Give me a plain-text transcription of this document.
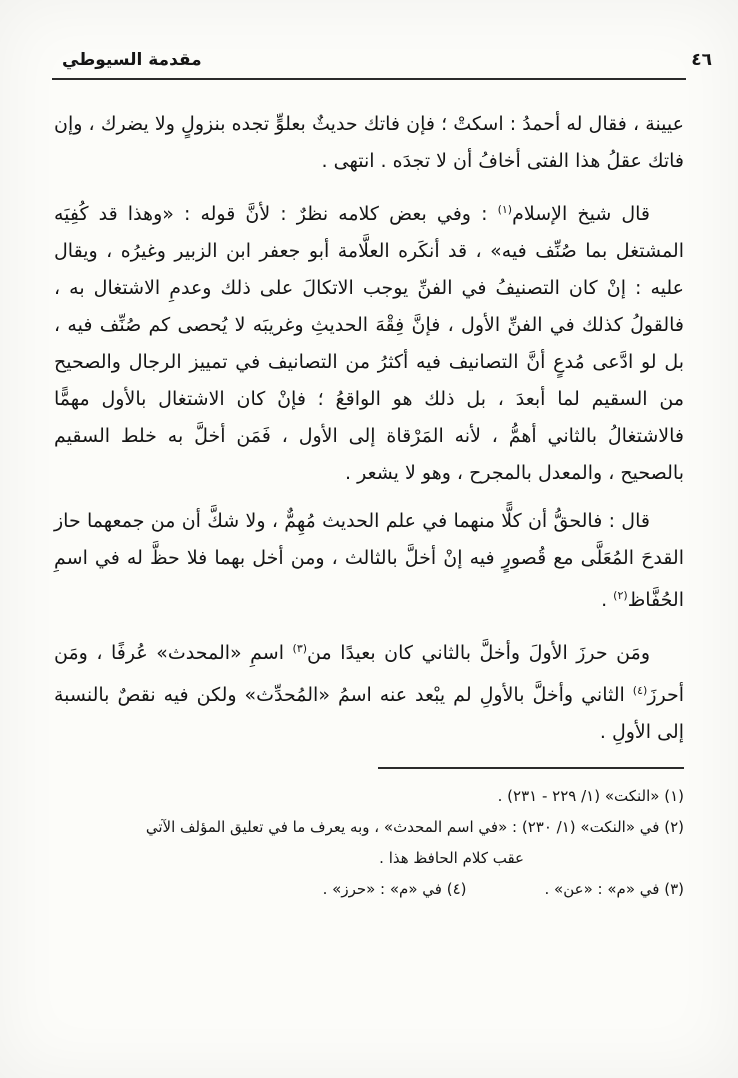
٤٦
مقدمة السيوطي

عيينة ، فقال له أحمدُ : اسكتْ ؛ فإن فاتك حديثٌ بعلوٍّ تجده بنزولٍ ولا يضرك ، وإن فاتك عقلُ هذا الفتى أخافُ أن لا تجدَه . انتهى .

قال شيخ الإسلام$^{(١)}$ : وفي بعض كلامه نظرٌ : لأنَّ قوله : «وهذا قد كُفِيَه المشتغل بما صُنِّف فيه» ، قد أنكَره العلَّامة أبو جعفر ابن الزبير وغيرُه ، ويقال عليه : إنْ كان التصنيفُ في الفنِّ يوجب الاتكالَ على ذلك وعدمِ الاشتغال به ، فالقولُ كذلك في الفنِّ الأول ، فإنَّ فِقْهَ الحديثِ وغريبَه لا يُحصى كم صُنِّف فيه ، بل لو ادَّعى مُدعٍ أنَّ التصانيف فيه أكثرُ من التصانيف في تمييز الرجال والصحيح من السقيم لما أبعدَ ، بل ذلك هو الواقعُ ؛ فإنْ كان الاشتغال بالأول مهمًّا فالاشتغالُ بالثاني أهمُّ ، لأنه المَرْقاة إلى الأول ، فَمَن أخلَّ به خلط السقيم بالصحيح ، والمعدل بالمجرح ، وهو لا يشعر .

قال : فالحقُّ أن كلًّا منهما في علم الحديث مُهِمٌّ ، ولا شكَّ أن من جمعهما حاز القدحَ المُعَلَّى مع قُصورٍ فيه إنْ أخلَّ بالثالث ، ومن أخل بهما فلا حظَّ له في اسمِ الحُفَّاظ$^{(٢)}$ .

ومَن حرزَ الأولَ وأخلَّ بالثاني كان بعيدًا من$^{(٣)}$ اسمِ «المحدث» عُرفًا ، ومَن أحرزَ$^{(٤)}$ الثاني وأخلَّ بالأولِ لم يبْعد عنه اسمُ «المُحدِّث» ولكن فيه نقصٌ بالنسبة إلى الأولِ .

(١) «النكت» (١/ ٢٢٩ - ٢٣١) .

(٢) في «النكت» (١/ ٢٣٠) : «في اسم المحدث» ، وبه يعرف ما في تعليق المؤلف الآتي

عقب كلام الحافظ هذا .

(٣) في «م» : «عن» .
(٤) في «م» : «حرز» .
